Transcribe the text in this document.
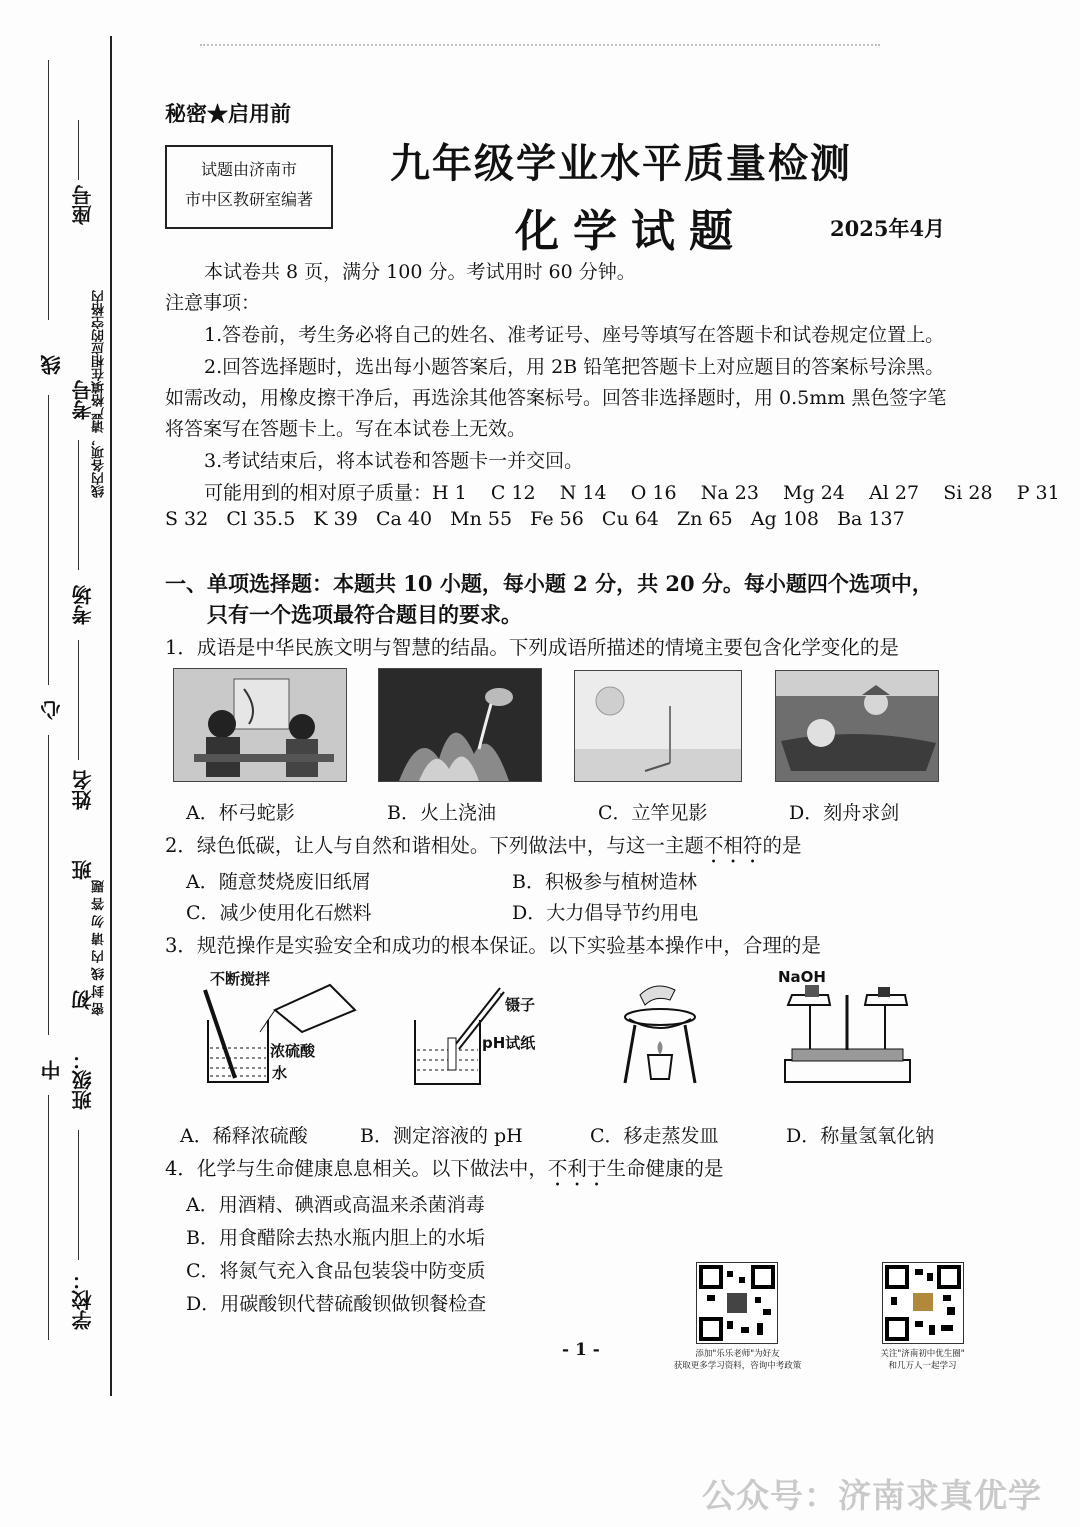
座号
线
考号
线内各项，请严格填在相应的空格内
考场
心
姓名
班
密 封 线 内 请 勿 答 题
初
班级：
中
学校：
秘密★启用前
试题由济南市
市中区教研室编著
九年级学业水平质量检测
化学试题	2025年4月
本试卷共 8 页，满分 100 分。考试用时 60 分钟。
注意事项：
1.答卷前，考生务必将自己的姓名、准考证号、座号等填写在答题卡和试卷规定位置上。
2.回答选择题时，选出每小题答案后，用 2B 铅笔把答题卡上对应题目的答案标号涂黑。
如需改动，用橡皮擦干净后，再选涂其他答案标号。回答非选择题时，用 0.5mm 黑色签字笔
将答案写在答题卡上。写在本试卷上无效。
3.考试结束后，将本试卷和答题卡一并交回。
可能用到的相对原子质量：H 1    C 12    N 14    O 16    Na 23    Mg 24    Al 27    Si 28    P 31
S 32   Cl 35.5   K 39   Ca 40   Mn 55   Fe 56   Cu 64   Zn 65   Ag 108   Ba 137
一、单项选择题：本题共 10 小题，每小题 2 分，共 20 分。每小题四个选项中，
只有一个选项最符合题目的要求。
1．成语是中华民族文明与智慧的结晶。下列成语所描述的情境主要包含化学变化的是
A．杯弓蛇影	B．火上浇油	C．立竿见影	D．刻舟求剑
2．绿色低碳，让人与自然和谐相处。下列做法中，与这一主题不相符的是
A．随意焚烧废旧纸屑	B．积极参与植树造林
C．减少使用化石燃料	D．大力倡导节约用电
3．规范操作是实验安全和成功的根本保证。以下实验基本操作中，合理的是
不断搅拌
浓硫酸
水
镊子
pH试纸
NaOH
A．稀释浓硫酸	B．测定溶液的 pH	C．移走蒸发皿	D．称量氢氧化钠
4．化学与生命健康息息相关。以下做法中，不利于生命健康的是
A．用酒精、碘酒或高温来杀菌消毒
B．用食醋除去热水瓶内胆上的水垢
C．将氮气充入食品包装袋中防变质
D．用碳酸钡代替硫酸钡做钡餐检查
- 1 -	添加"乐乐老师"为好友
获取更多学习资料，咨询中考政策
关注"济南初中优生圈"
和几万人一起学习
公众号：济南求真优学
